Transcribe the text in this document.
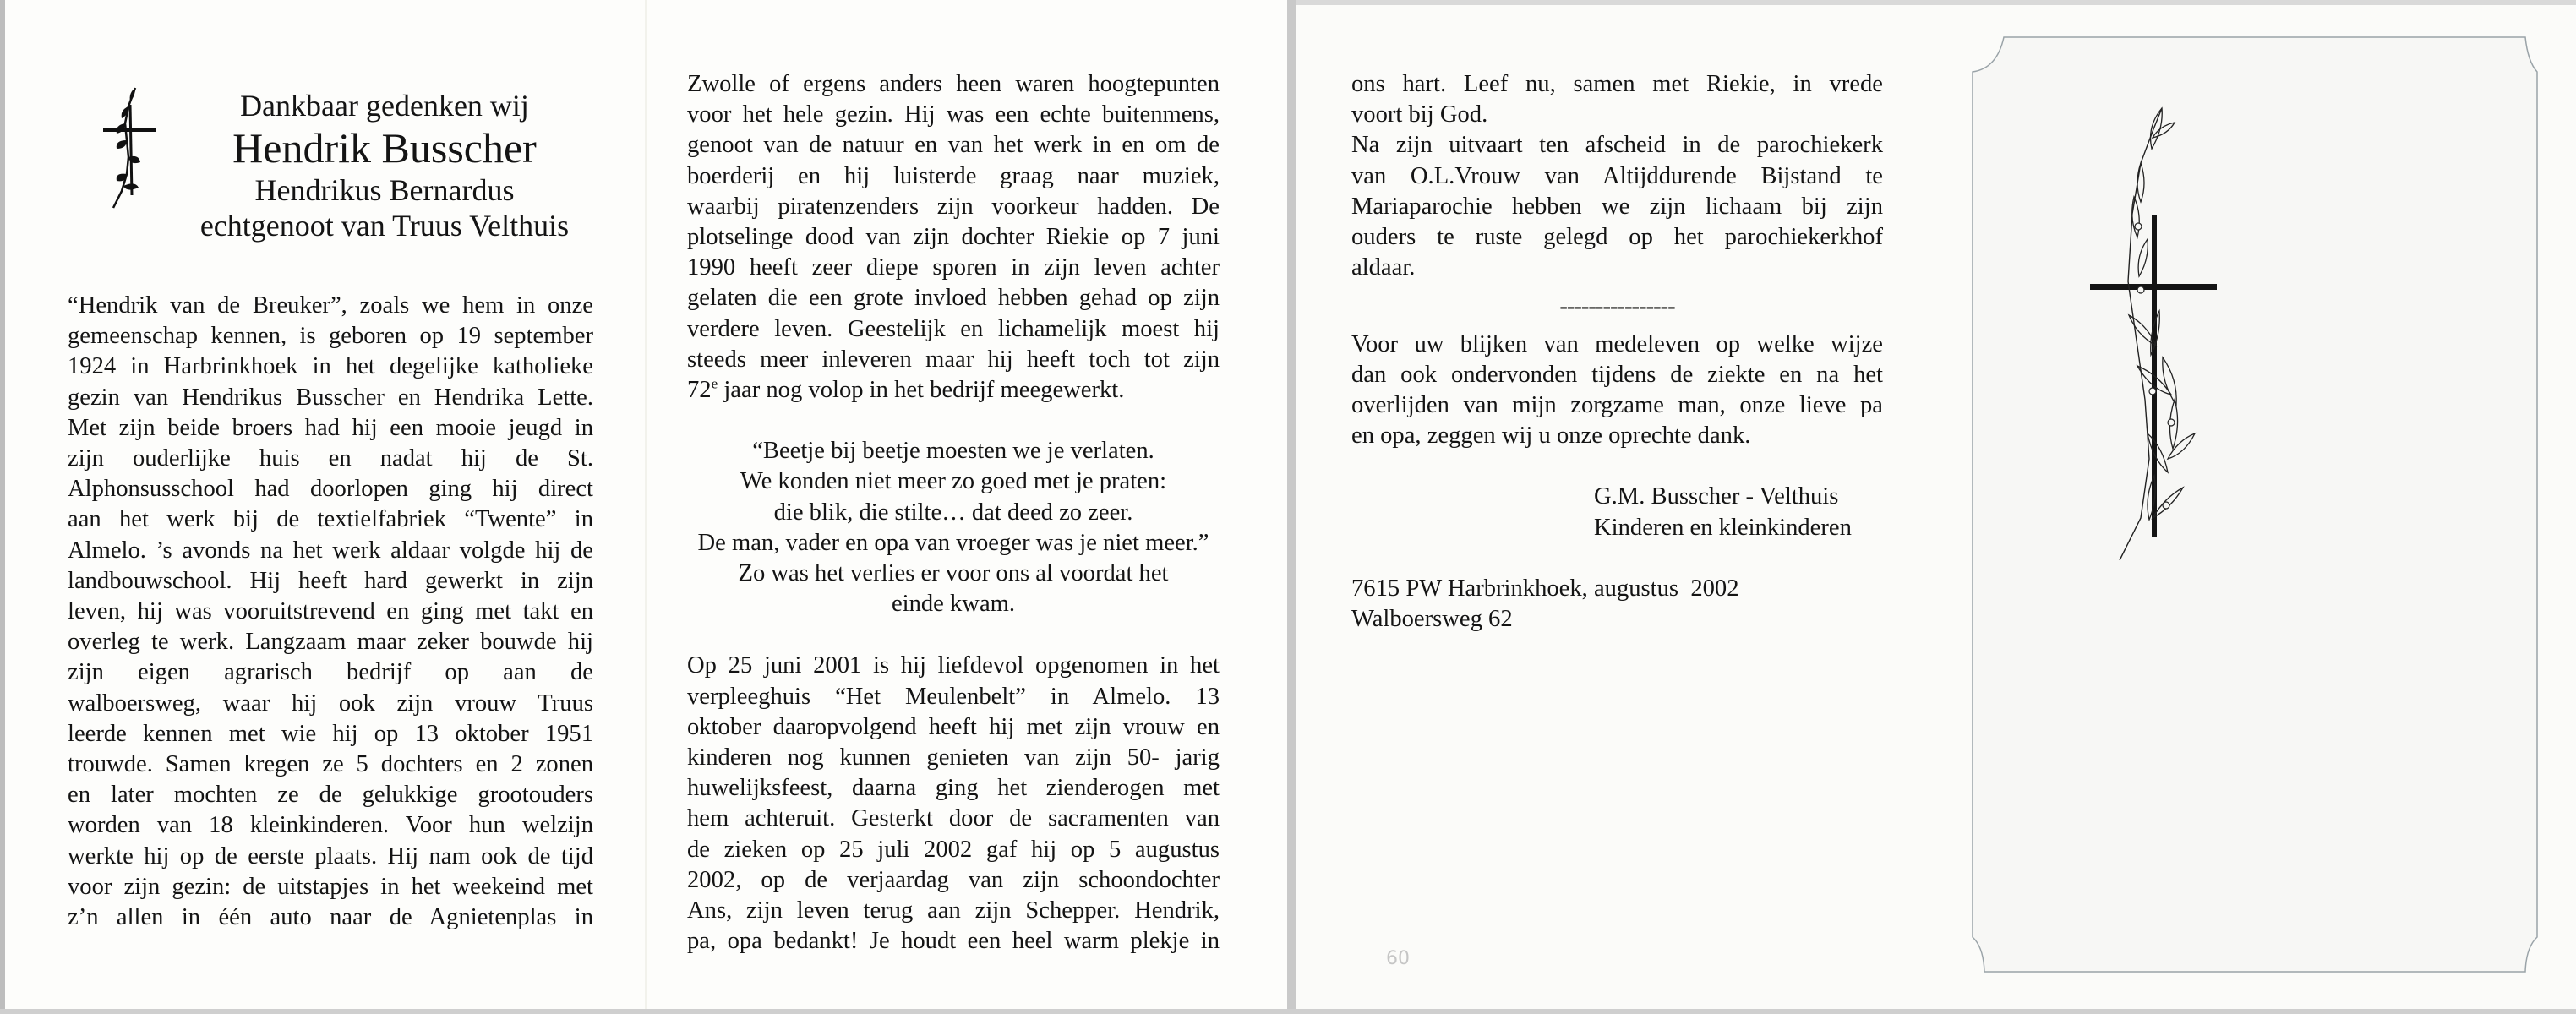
Dankbaar gedenken wij
Hendrik Busscher
Hendrikus Bernardus
echtgenoot van Truus Velthuis
“Hendrik van de Breuker”, zoals we hem in onze
gemeenschap kennen, is geboren op 19 september
1924 in Harbrinkhoek in het degelijke katholieke
gezin van Hendrikus Busscher en Hendrika Lette.
Met zijn beide broers had hij een mooie jeugd in
zijn ouderlijke huis en nadat hij de St.
Alphonsusschool had doorlopen ging hij direct
aan het werk bij de textielfabriek “Twente” in
Almelo. ’s avonds na het werk aldaar volgde hij de
landbouwschool. Hij heeft hard gewerkt in zijn
leven, hij was vooruitstrevend en ging met takt en
overleg te werk. Langzaam maar zeker bouwde hij
zijn eigen agrarisch bedrijf op aan de
walboersweg, waar hij ook zijn vrouw Truus
leerde kennen met wie hij op 13 oktober 1951
trouwde. Samen kregen ze 5 dochters en 2 zonen
en later mochten ze de gelukkige grootouders
worden van 18 kleinkinderen. Voor hun welzijn
werkte hij op de eerste plaats. Hij nam ook de tijd
voor zijn gezin: de uitstapjes in het weekeind met
z’n allen in één auto naar de Agnietenplas in
Zwolle of ergens anders heen waren hoogtepunten
voor het hele gezin. Hij was een echte buitenmens,
genoot van de natuur en van het werk in en om de
boerderij en hij luisterde graag naar muziek,
waarbij piratenzenders zijn voorkeur hadden. De
plotselinge dood van zijn dochter Riekie op 7 juni
1990 heeft zeer diepe sporen in zijn leven achter
gelaten die een grote invloed hebben gehad op zijn
verdere leven. Geestelijk en lichamelijk moest hij
steeds meer inleveren maar hij heeft toch tot zijn
72e jaar nog volop in het bedrijf meegewerkt.
“Beetje bij beetje moesten we je verlaten.
We konden niet meer zo goed met je praten:
die blik, die stilte… dat deed zo zeer.
De man, vader en opa van vroeger was je niet meer.”
Zo was het verlies er voor ons al voordat het
einde kwam.
Op 25 juni 2001 is hij liefdevol opgenomen in het
verpleeghuis “Het Meulenbelt” in Almelo. 13
oktober daaropvolgend heeft hij met zijn vrouw en
kinderen nog kunnen genieten van zijn 50- jarig
huwelijksfeest, daarna ging het zienderogen met
hem achteruit. Gesterkt door de sacramenten van
de zieken op 25 juli 2002 gaf hij op 5 augustus
2002, op de verjaardag van zijn schoondochter
Ans, zijn leven terug aan zijn Schepper. Hendrik,
pa, opa bedankt! Je houdt een heel warm plekje in
ons hart. Leef nu, samen met Riekie, in vrede
voort bij God.
Na zijn uitvaart ten afscheid in de parochiekerk
van O.L.Vrouw van Altijddurende Bijstand te
Mariaparochie hebben we zijn lichaam bij zijn
ouders te ruste gelegd op het parochiekerkhof
aldaar.
----------------
Voor uw blijken van medeleven op welke wijze
dan ook ondervonden tijdens de ziekte en na het
overlijden van mijn zorgzame man, onze lieve pa
en opa, zeggen wij u onze oprechte dank.
G.M. Busscher - Velthuis
Kinderen en kleinkinderen
7615 PW Harbrinkhoek, augustus  2002
Walboersweg 62
60
